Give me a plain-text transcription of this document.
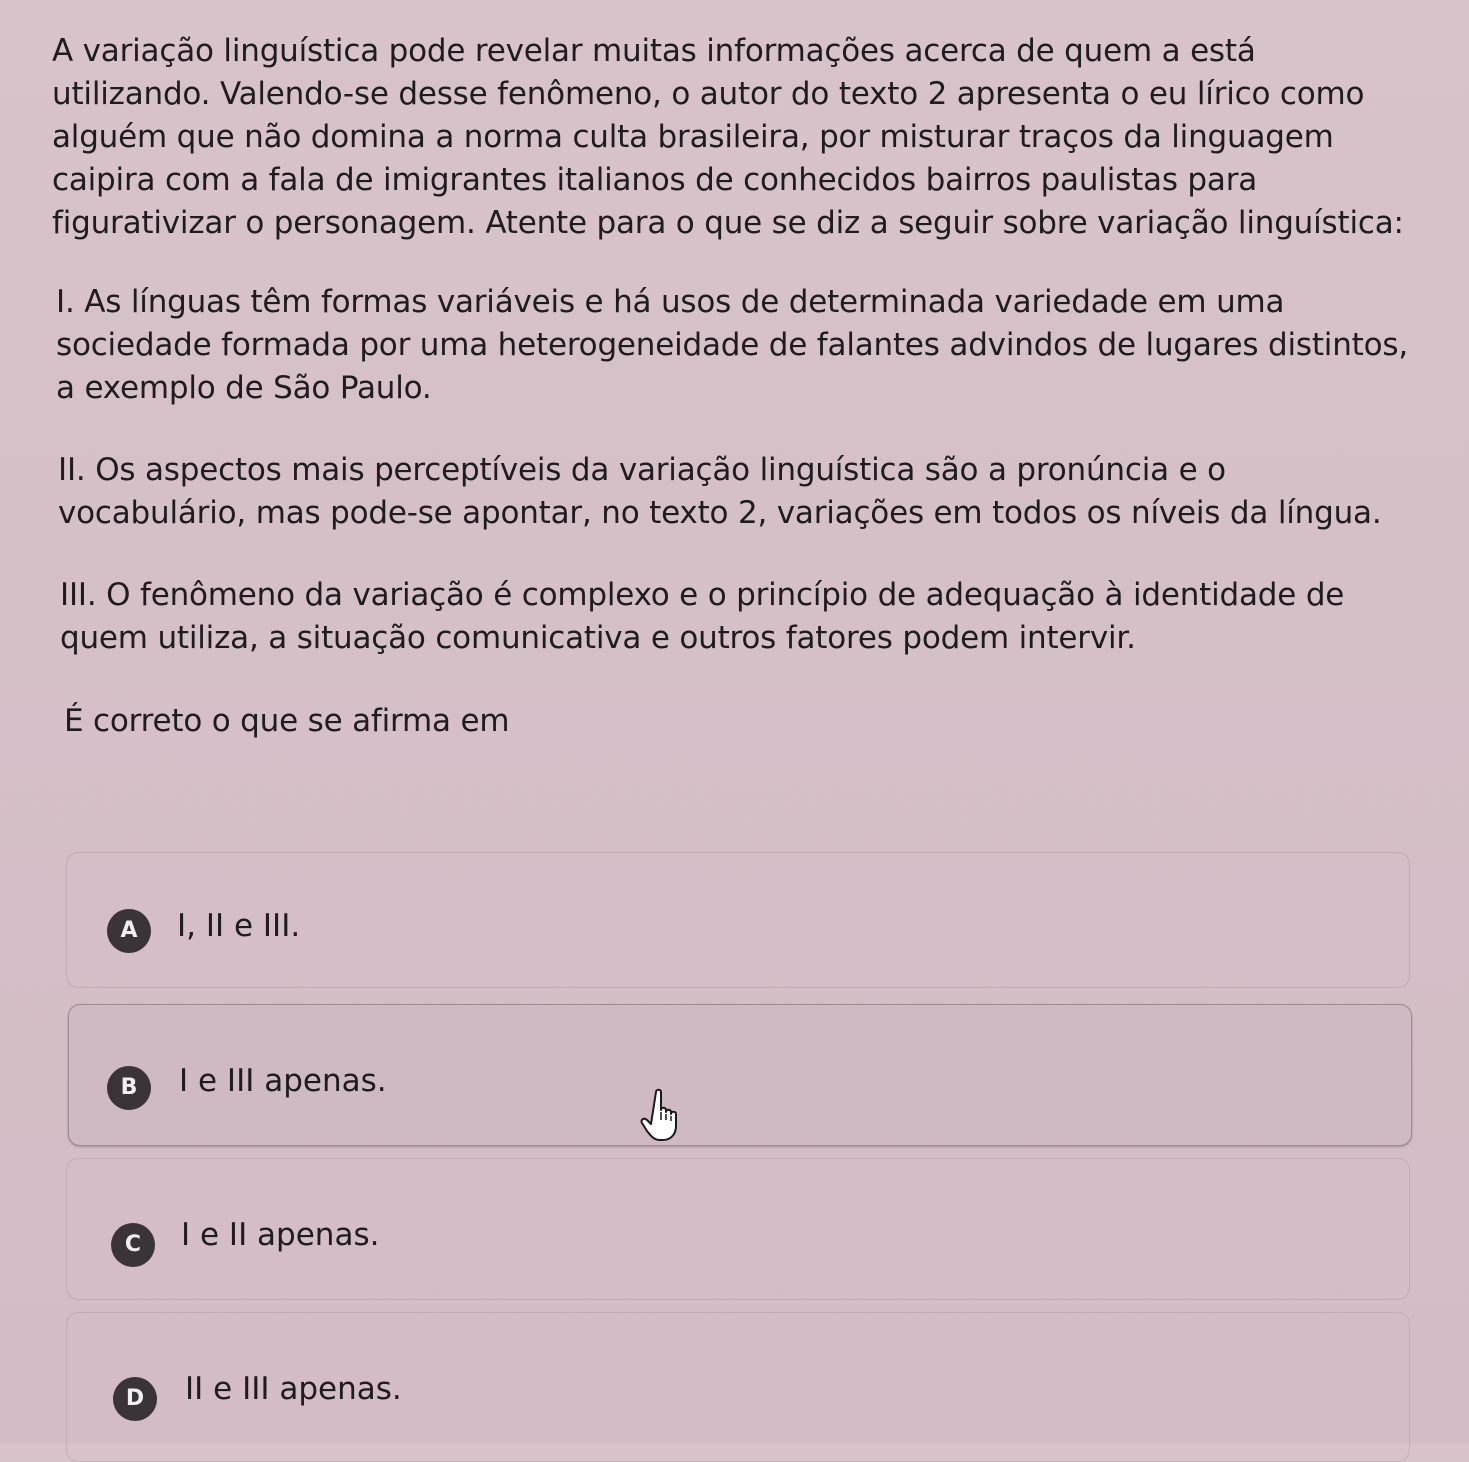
A variação linguística pode revelar muitas informações acerca de quem a está utilizando. Valendo-se desse fenômeno, o autor do texto 2 apresenta o eu lírico como alguém que não domina a norma culta brasileira, por misturar traços da linguagem caipira com a fala de imigrantes italianos de conhecidos bairros paulistas para figurativizar o personagem. Atente para o que se diz a seguir sobre variação linguística:

I. As línguas têm formas variáveis e há usos de determinada variedade em uma sociedade formada por uma heterogeneidade de falantes advindos de lugares distintos, a exemplo de São Paulo.

II. Os aspectos mais perceptíveis da variação linguística são a pronúncia e o vocabulário, mas pode-se apontar, no texto 2, variações em todos os níveis da língua.

III. O fenômeno da variação é complexo e o princípio de adequação à identidade de quem utiliza, a situação comunicativa e outros fatores podem intervir.

É correto o que se afirma em

A	I, II e III.
B	I e III apenas.
C	I e II apenas.
D	II e III apenas.
